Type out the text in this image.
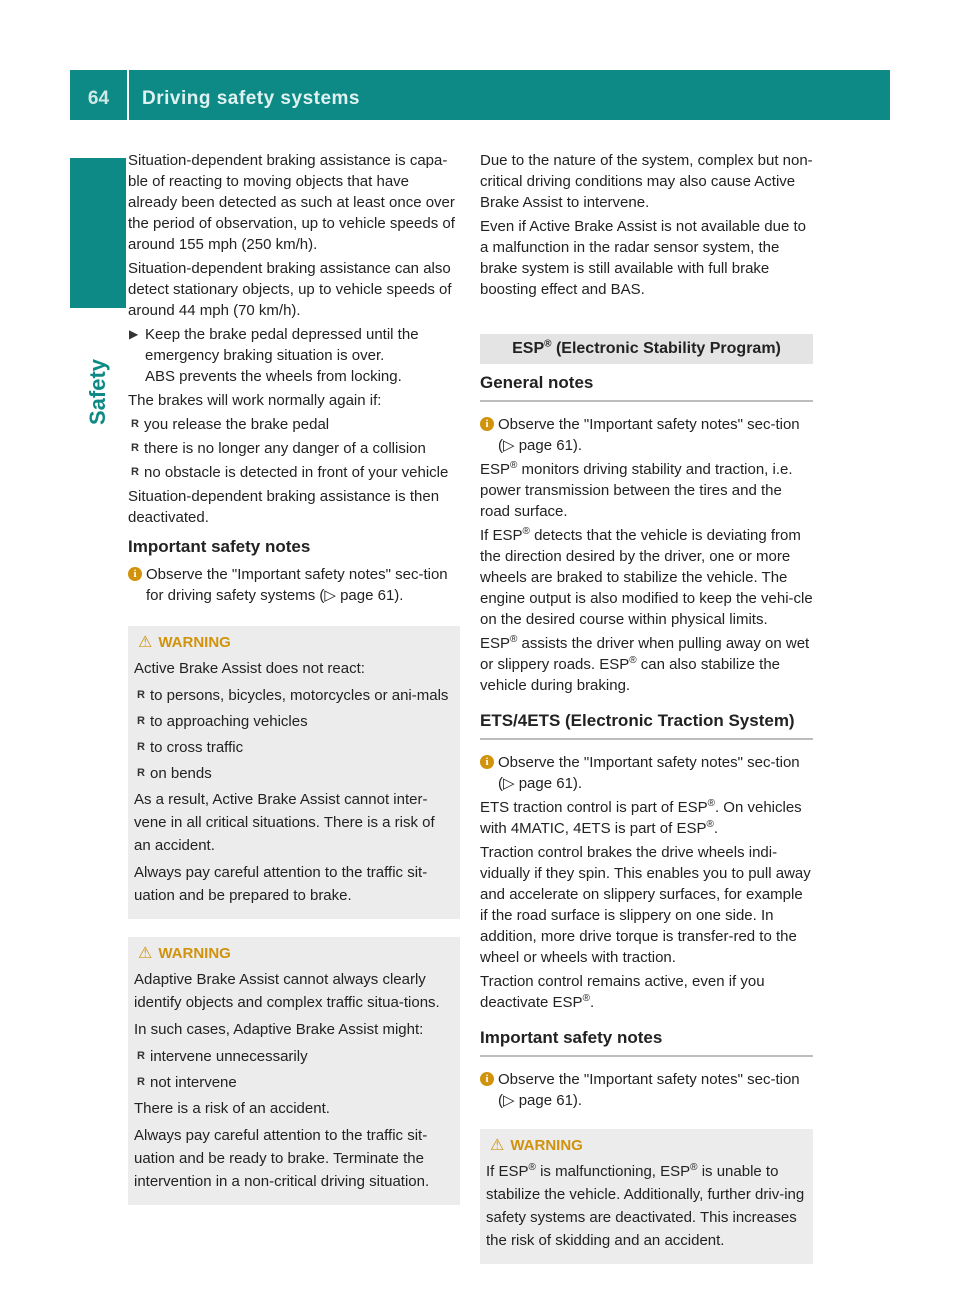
64	Driving safety systems
Safety

Situation-dependent braking assistance is capa-ble of reacting to moving objects that have already been detected as such at least once over the period of observation, up to vehicle speeds of around 155 mph (250 km/h).

Situation-dependent braking assistance can also detect stationary objects, up to vehicle speeds of around 44 mph (70 km/h).

▶ Keep the brake pedal depressed until the emergency braking situation is over.
ABS prevents the wheels from locking.

The brakes will work normally again if:

R you release the brake pedal
R there is no longer any danger of a collision
R no obstacle is detected in front of your vehicle

Situation-dependent braking assistance is then deactivated.

Important safety notes
i Observe the "Important safety notes" sec-tion for driving safety systems (▷ page 61).
⚠ WARNING

Active Brake Assist does not react:

R to persons, bicycles, motorcycles or ani-mals
R to approaching vehicles
R to cross traffic
R on bends

As a result, Active Brake Assist cannot inter-vene in all critical situations. There is a risk of an accident.

Always pay careful attention to the traffic sit-uation and be prepared to brake.

⚠ WARNING

Adaptive Brake Assist cannot always clearly identify objects and complex traffic situa-tions.

In such cases, Adaptive Brake Assist might:

R intervene unnecessarily
R not intervene

There is a risk of an accident.

Always pay careful attention to the traffic sit-uation and be ready to brake. Terminate the intervention in a non-critical driving situation.

Due to the nature of the system, complex but non-critical driving conditions may also cause Active Brake Assist to intervene.

Even if Active Brake Assist is not available due to a malfunction in the radar sensor system, the brake system is still available with full brake boosting effect and BAS.

ESP® (Electronic Stability Program)
General notes
i Observe the "Important safety notes" sec-tion (▷ page 61).

ESP® monitors driving stability and traction, i.e. power transmission between the tires and the road surface.

If ESP® detects that the vehicle is deviating from the direction desired by the driver, one or more wheels are braked to stabilize the vehicle. The engine output is also modified to keep the vehi-cle on the desired course within physical limits.

ESP® assists the driver when pulling away on wet or slippery roads. ESP® can also stabilize the vehicle during braking.

ETS/4ETS (Electronic Traction System)
i Observe the "Important safety notes" sec-tion (▷ page 61).

ETS traction control is part of ESP®. On vehicles with 4MATIC, 4ETS is part of ESP®.

Traction control brakes the drive wheels indi-vidually if they spin. This enables you to pull away and accelerate on slippery surfaces, for example if the road surface is slippery on one side. In addition, more drive torque is transfer-red to the wheel or wheels with traction.

Traction control remains active, even if you deactivate ESP®.

Important safety notes
i Observe the "Important safety notes" sec-tion (▷ page 61).
⚠ WARNING

If ESP® is malfunctioning, ESP® is unable to stabilize the vehicle. Additionally, further driv-ing safety systems are deactivated. This increases the risk of skidding and an accident.
